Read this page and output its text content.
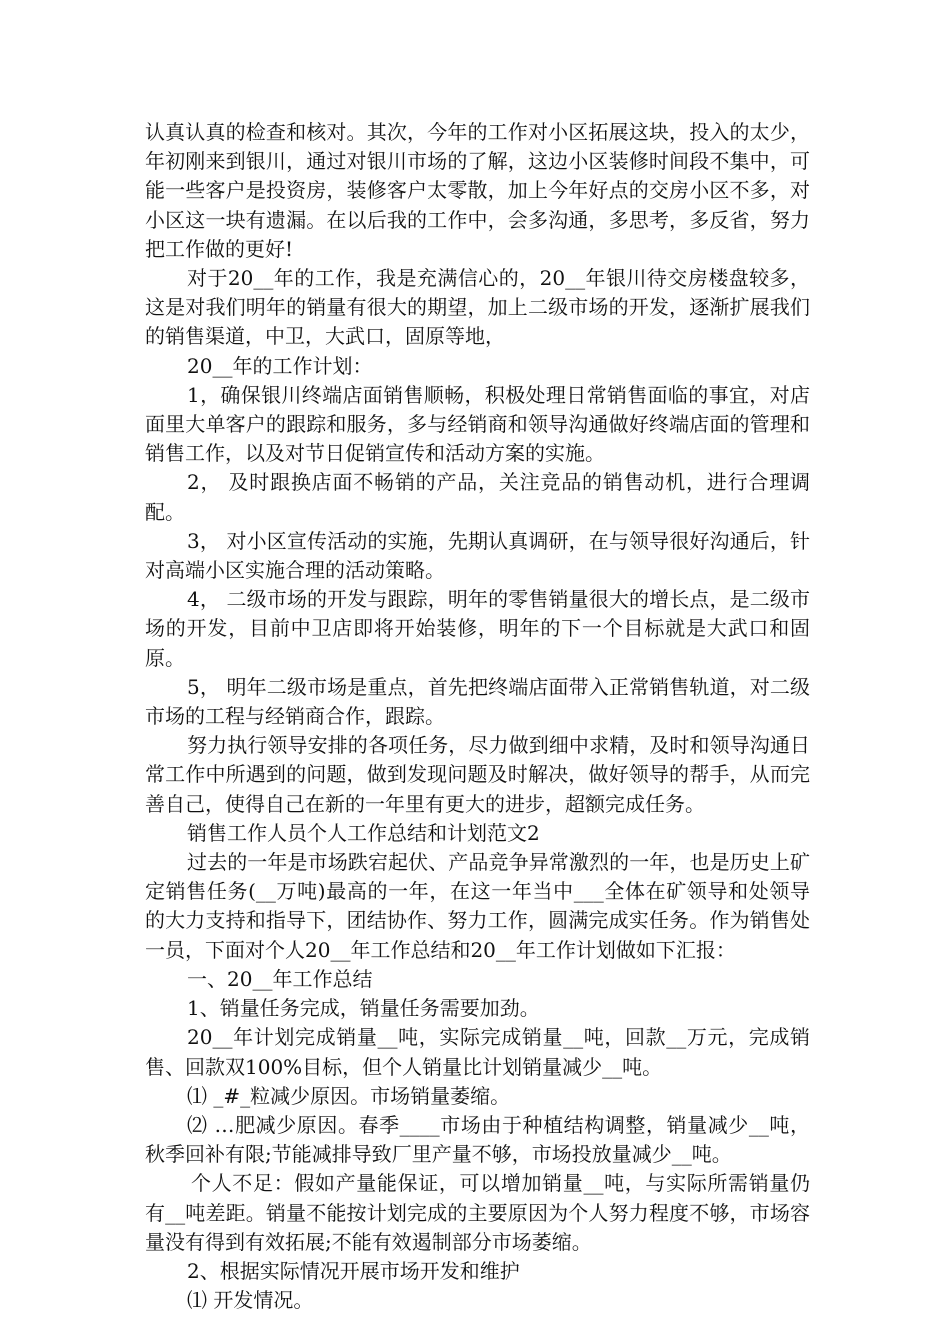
认真认真的检查和核对。其次，今年的工作对小区拓展这块，投入的太少，年初刚来到银川，通过对银川市场的了解，这边小区装修时间段不集中，可能一些客户是投资房，装修客户太零散，加上今年好点的交房小区不多，对小区这一块有遗漏。在以后我的工作中，会多沟通，多思考，多反省，努力把工作做的更好!

对于20__年的工作，我是充满信心的，20__年银川待交房楼盘较多，这是对我们明年的销量有很大的期望，加上二级市场的开发，逐渐扩展我们的销售渠道，中卫，大武口，固原等地，

20__年的工作计划：

1，确保银川终端店面销售顺畅，积极处理日常销售面临的事宜，对店面里大单客户的跟踪和服务，多与经销商和领导沟通做好终端店面的管理和销售工作，以及对节日促销宣传和活动方案的实施。

2， 及时跟换店面不畅销的产品，关注竞品的销售动机，进行合理调配。

3， 对小区宣传活动的实施，先期认真调研，在与领导很好沟通后，针对高端小区实施合理的活动策略。

4， 二级市场的开发与跟踪，明年的零售销量很大的增长点，是二级市场的开发，目前中卫店即将开始装修，明年的下一个目标就是大武口和固原。

5， 明年二级市场是重点，首先把终端店面带入正常销售轨道，对二级市场的工程与经销商合作，跟踪。

努力执行领导安排的各项任务，尽力做到细中求精，及时和领导沟通日常工作中所遇到的问题，做到发现问题及时解决，做好领导的帮手，从而完善自己，使得自己在新的一年里有更大的进步，超额完成任务。

销售工作人员个人工作总结和计划范文2

过去的一年是市场跌宕起伏、产品竞争异常激烈的一年，也是历史上矿定销售任务(__万吨)最高的一年，在这一年当中___全体在矿领导和处领导的大力支持和指导下，团结协作、努力工作，圆满完成实任务。作为销售处一员，下面对个人20__年工作总结和20__年工作计划做如下汇报：

一、20__年工作总结

1、销量任务完成，销量任务需要加劲。

20__年计划完成销量__吨，实际完成销量__吨，回款__万元，完成销售、回款双100%目标，但个人销量比计划销量减少__吨。

⑴ _#_粒减少原因。市场销量萎缩。

⑵ …肥减少原因。春季____市场由于种植结构调整，销量减少__吨，秋季回补有限;节能减排导致厂里产量不够，市场投放量减少__吨。

个人不足：假如产量能保证，可以增加销量__吨，与实际所需销量仍有__吨差距。销量不能按计划完成的主要原因为个人努力程度不够，市场容量没有得到有效拓展;不能有效遏制部分市场萎缩。

2、根据实际情况开展市场开发和维护

⑴ 开发情况。
